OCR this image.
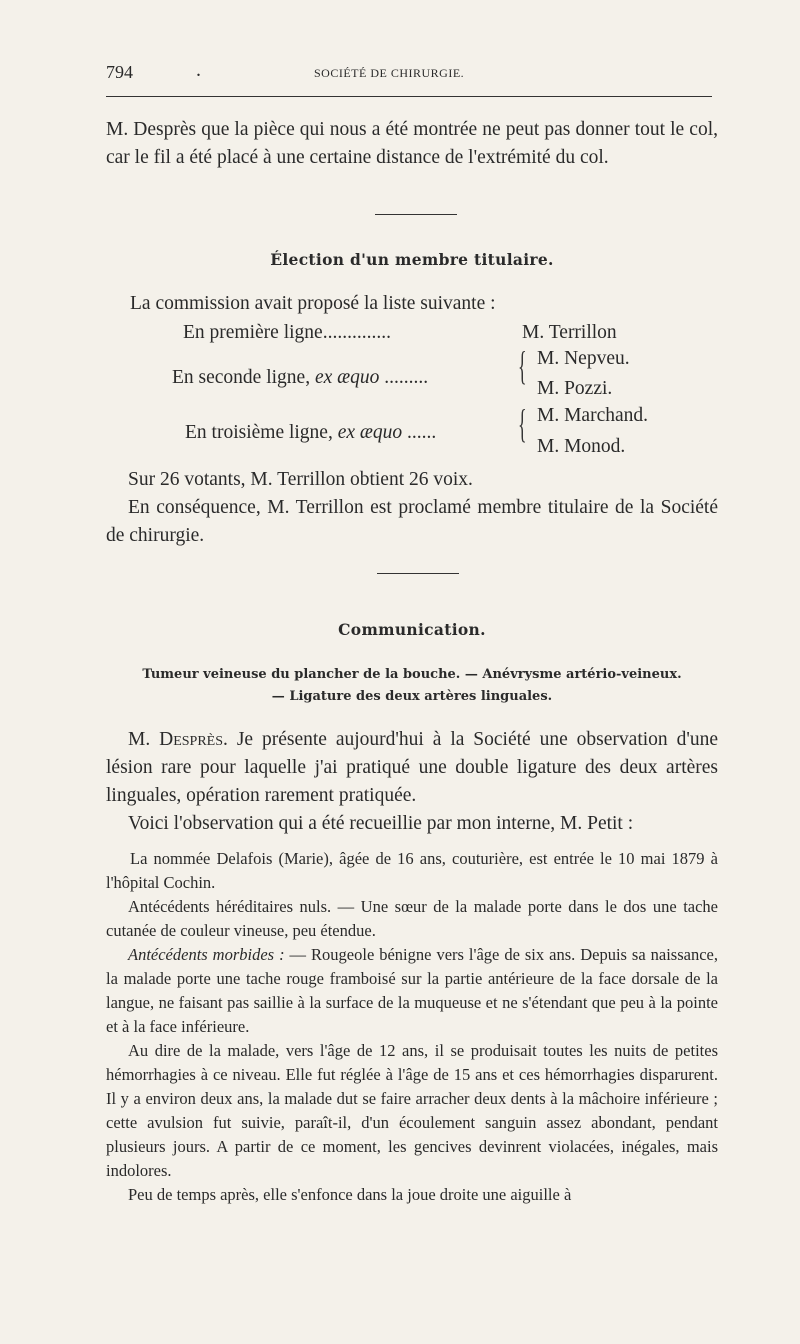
794	.	SOCIÉTÉ DE CHIRURGIE.

M. Desprès que la pièce qui nous a été montrée ne peut pas donner tout le col, car le fil a été placé à une certaine distance de l'extrémité du col.

Élection d'un membre titulaire.

La commission avait proposé la liste suivante :

En première ligne..............	M. Terrillon
En seconde ligne, ex æquo ......... { M. Nepveu.
M. Pozzi.
En troisième ligne, ex æquo ...... { M. Marchand.
M. Monod.

Sur 26 votants, M. Terrillon obtient 26 voix.

En conséquence, M. Terrillon est proclamé membre titulaire de la Société de chirurgie.

Communication.
Tumeur veineuse du plancher de la bouche. — Anévrysme artério-veineux.
— Ligature des deux artères linguales.

M. Desprès. Je présente aujourd'hui à la Société une observation d'une lésion rare pour laquelle j'ai pratiqué une double ligature des deux artères linguales, opération rarement pratiquée.

Voici l'observation qui a été recueillie par mon interne, M. Petit :

La nommée Delafois (Marie), âgée de 16 ans, couturière, est entrée le 10 mai 1879 à l'hôpital Cochin.

Antécédents héréditaires nuls. — Une sœur de la malade porte dans le dos une tache cutanée de couleur vineuse, peu étendue.

Antécédents morbides : — Rougeole bénigne vers l'âge de six ans. Depuis sa naissance, la malade porte une tache rouge framboisé sur la partie antérieure de la face dorsale de la langue, ne faisant pas saillie à la surface de la muqueuse et ne s'étendant que peu à la pointe et à la face inférieure.

Au dire de la malade, vers l'âge de 12 ans, il se produisait toutes les nuits de petites hémorrhagies à ce niveau. Elle fut réglée à l'âge de 15 ans et ces hémorrhagies disparurent. Il y a environ deux ans, la malade dut se faire arracher deux dents à la mâchoire inférieure ; cette avulsion fut suivie, paraît-il, d'un écoulement sanguin assez abondant, pendant plusieurs jours. A partir de ce moment, les gencives devinrent violacées, inégales, mais indolores.

Peu de temps après, elle s'enfonce dans la joue droite une aiguille à
